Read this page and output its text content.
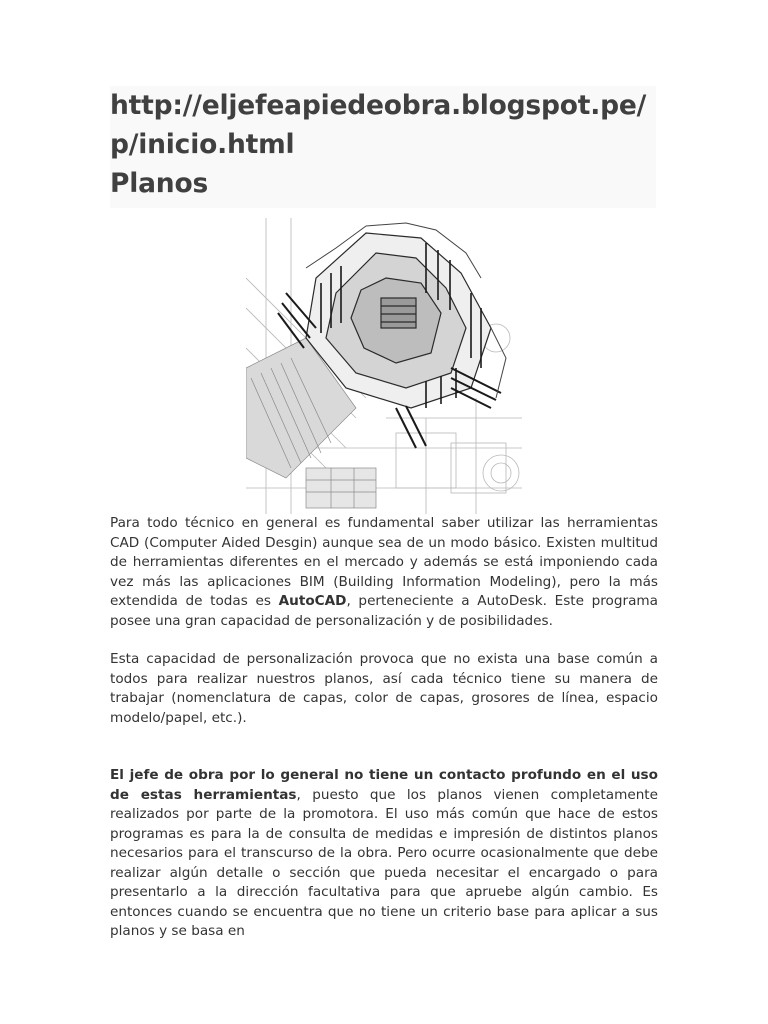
http://eljefeapiedeobra.blogspot.pe/p/inicio.html
Planos

Para todo técnico en general es fundamental saber utilizar las herramientas CAD (Computer Aided Desgin) aunque sea de un modo básico. Existen multitud de herramientas diferentes en el mercado y además se está imponiendo cada vez más las aplicaciones BIM (Building Information Modeling), pero la más extendida de todas es AutoCAD, perteneciente a AutoDesk. Este programa posee una gran capacidad de personalización y de posibilidades.

Esta capacidad de personalización provoca que no exista una base común a todos para realizar nuestros planos, así cada técnico tiene su manera de trabajar (nomenclatura de capas, color de capas, grosores de línea, espacio modelo/papel, etc.).

El jefe de obra por lo general no tiene un contacto profundo en el uso de estas herramientas, puesto que los planos vienen completamente realizados por parte de la promotora. El uso más común que hace de estos programas es para la de consulta de medidas e impresión de distintos planos necesarios para el transcurso de la obra. Pero ocurre ocasionalmente que debe realizar algún detalle o sección que pueda necesitar el encargado o para presentarlo a la dirección facultativa para que apruebe algún cambio. Es entonces cuando se encuentra que no tiene un criterio base para aplicar a sus planos y se basa en
